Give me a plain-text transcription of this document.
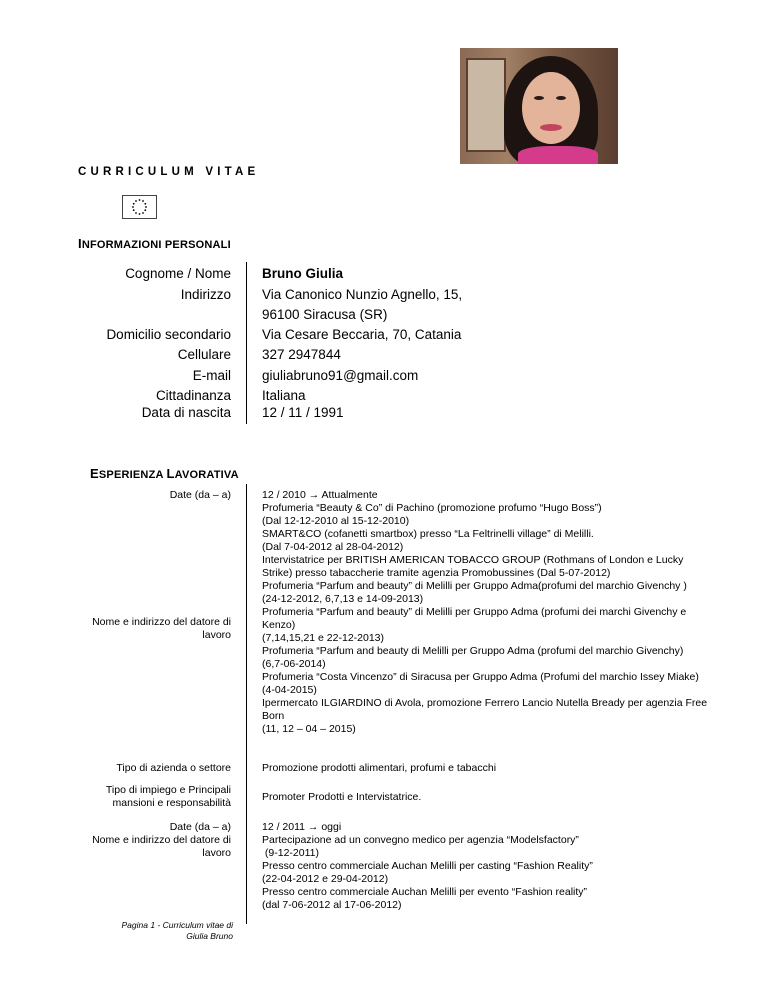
CURRICULUM VITAE
INFORMAZIONI PERSONALI
Cognome / Nome Bruno Giulia
Indirizzo Via Canonico Nunzio Agnello, 15,
96100 Siracusa (SR)
Domicilio secondario Via Cesare Beccaria, 70, Catania
Cellulare 327 2947844
E-mail giuliabruno91@gmail.com
Cittadinanza Italiana
Data di nascita 12 / 11 / 1991
ESPERIENZA LAVORATIVA
Date (da – a)
Nome e indirizzo del datore di lavoro
Tipo di azienda o settore
Tipo di impiego e Principali mansioni e responsabilità
Date (da – a)
Nome e indirizzo del datore di lavoro
12 / 2010 → Attualmente
Profumeria “Beauty & Co” di Pachino (promozione profumo “Hugo Boss”)
(Dal 12-12-2010 al 15-12-2010)
SMART&CO (cofanetti smartbox) presso “La Feltrinelli village” di Melilli.
(Dal 7-04-2012 al 28-04-2012)
Intervistatrice per BRITISH AMERICAN TOBACCO GROUP (Rothmans of London e Lucky
Strike) presso tabaccherie tramite agenzia Promobussines (Dal 5-07-2012)
Profumeria “Parfum and beauty” di Melilli per Gruppo Adma(profumi del marchio Givenchy )
(24-12-2012, 6,7,13 e 14-09-2013)
Profumeria “Parfum and beauty” di Melilli per Gruppo Adma (profumi dei marchi Givenchy e
Kenzo)
(7,14,15,21 e 22-12-2013)
Profumeria “Parfum and beauty di Melilli per Gruppo Adma (profumi del marchio Givenchy)
(6,7-06-2014)
Profumeria “Costa Vincenzo” di Siracusa per Gruppo Adma (Profumi del marchio Issey Miake)
(4-04-2015)
Ipermercato ILGIARDINO di Avola, promozione Ferrero Lancio Nutella Bready per agenzia Free
Born
(11, 12 – 04 – 2015)
Promozione prodotti alimentari, profumi e tabacchi
Promoter Prodotti e Intervistatrice.
12 / 2011 → oggi
Partecipazione ad un convegno medico per agenzia “Modelsfactory”
(9-12-2011)
Presso centro commerciale Auchan Melilli per casting “Fashion Reality”
(22-04-2012 e 29-04-2012)
Presso centro commerciale Auchan Melilli per evento “Fashion reality”
(dal 7-06-2012 al 17-06-2012)
Pagina 1 - Curriculum vitae di
Giulia Bruno
